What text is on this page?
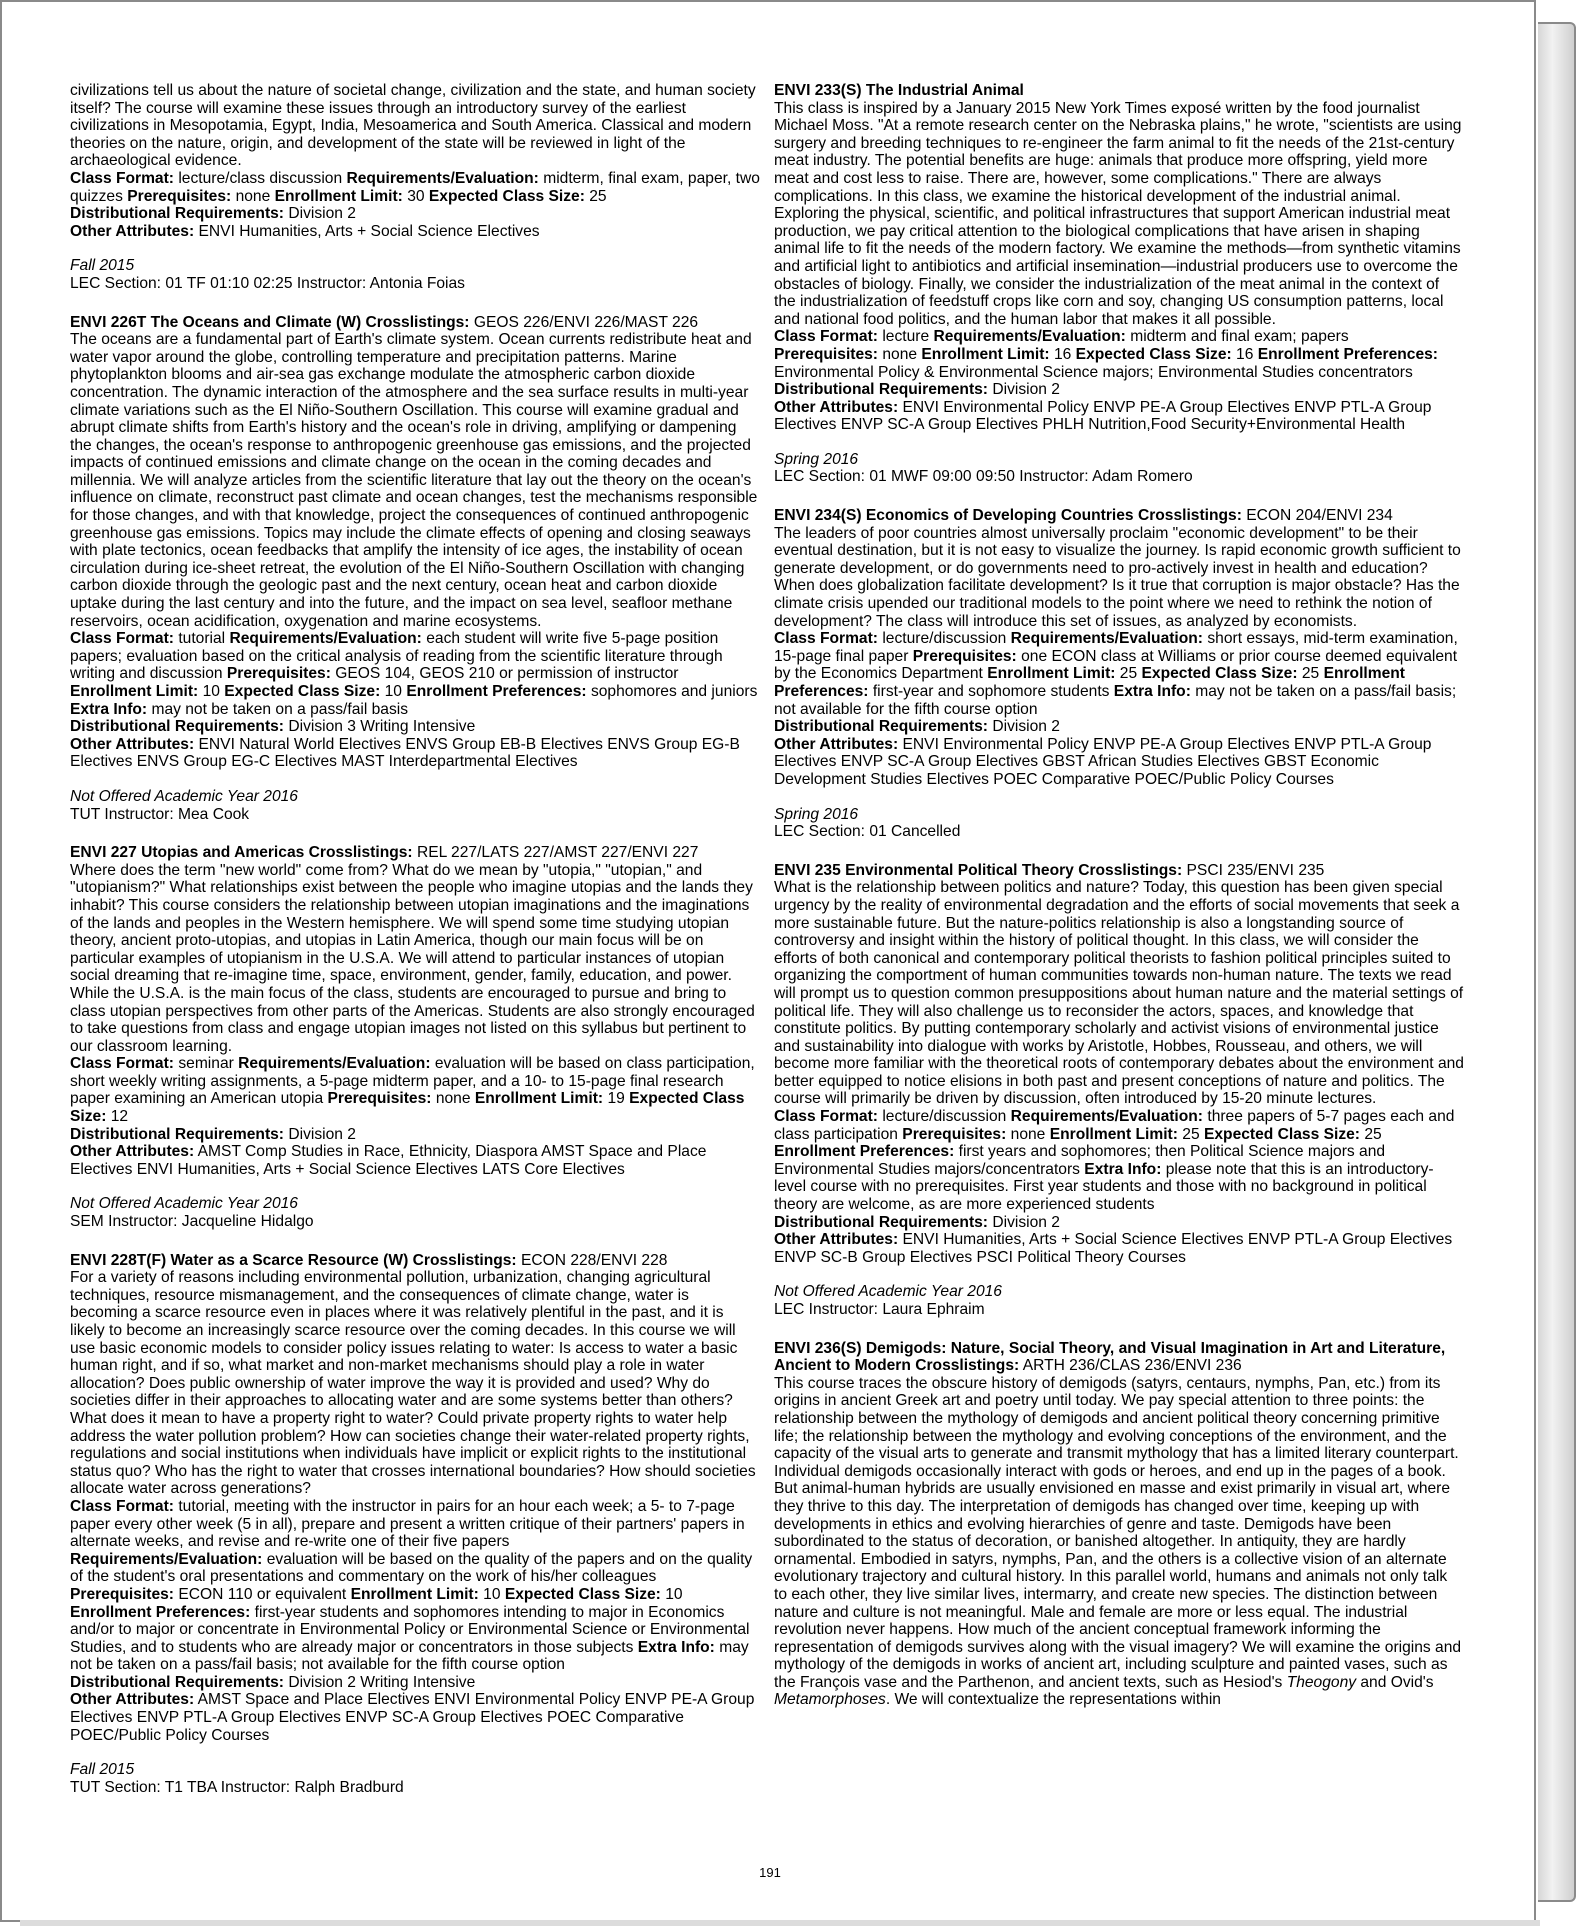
civilizations tell us about the nature of societal change, civilization and the state, and human society itself? The course will examine these issues through an introductory survey of the earliest civilizations in Mesopotamia, Egypt, India, Mesoamerica and South America. Classical and modern theories on the nature, origin, and development of the state will be reviewed in light of the archaeological evidence.

Class Format: lecture/class discussion Requirements/Evaluation: midterm, final exam, paper, two quizzes Prerequisites: none Enrollment Limit: 30 Expected Class Size: 25

Distributional Requirements: Division 2

Other Attributes: ENVI Humanities, Arts + Social Science Electives

Fall 2015

LEC Section: 01 TF 01:10 02:25 Instructor: Antonia Foias

ENVI 226T The Oceans and Climate (W) Crosslistings: GEOS 226/ENVI 226/MAST 226

The oceans are a fundamental part of Earth's climate system. Ocean currents redistribute heat and water vapor around the globe, controlling temperature and precipitation patterns. Marine phytoplankton blooms and air-sea gas exchange modulate the atmospheric carbon dioxide concentration. The dynamic interaction of the atmosphere and the sea surface results in multi-year climate variations such as the El Niño-Southern Oscillation. This course will examine gradual and abrupt climate shifts from Earth's history and the ocean's role in driving, amplifying or dampening the changes, the ocean's response to anthropogenic greenhouse gas emissions, and the projected impacts of continued emissions and climate change on the ocean in the coming decades and millennia. We will analyze articles from the scientific literature that lay out the theory on the ocean's influence on climate, reconstruct past climate and ocean changes, test the mechanisms responsible for those changes, and with that knowledge, project the consequences of continued anthropogenic greenhouse gas emissions. Topics may include the climate effects of opening and closing seaways with plate tectonics, ocean feedbacks that amplify the intensity of ice ages, the instability of ocean circulation during ice-sheet retreat, the evolution of the El Niño-Southern Oscillation with changing carbon dioxide through the geologic past and the next century, ocean heat and carbon dioxide uptake during the last century and into the future, and the impact on sea level, seafloor methane reservoirs, ocean acidification, oxygenation and marine ecosystems.

Class Format: tutorial Requirements/Evaluation: each student will write five 5-page position papers; evaluation based on the critical analysis of reading from the scientific literature through writing and discussion Prerequisites: GEOS 104, GEOS 210 or permission of instructor Enrollment Limit: 10 Expected Class Size: 10 Enrollment Preferences: sophomores and juniors Extra Info: may not be taken on a pass/fail basis

Distributional Requirements: Division 3 Writing Intensive

Other Attributes: ENVI Natural World Electives ENVS Group EB-B Electives ENVS Group EG-B Electives ENVS Group EG-C Electives MAST Interdepartmental Electives

Not Offered Academic Year 2016

TUT Instructor: Mea Cook

ENVI 227 Utopias and Americas Crosslistings: REL 227/LATS 227/AMST 227/ENVI 227

Where does the term "new world" come from? What do we mean by "utopia," "utopian," and "utopianism?" What relationships exist between the people who imagine utopias and the lands they inhabit? This course considers the relationship between utopian imaginations and the imaginations of the lands and peoples in the Western hemisphere. We will spend some time studying utopian theory, ancient proto-utopias, and utopias in Latin America, though our main focus will be on particular examples of utopianism in the U.S.A. We will attend to particular instances of utopian social dreaming that re-imagine time, space, environment, gender, family, education, and power. While the U.S.A. is the main focus of the class, students are encouraged to pursue and bring to class utopian perspectives from other parts of the Americas. Students are also strongly encouraged to take questions from class and engage utopian images not listed on this syllabus but pertinent to our classroom learning.

Class Format: seminar Requirements/Evaluation: evaluation will be based on class participation, short weekly writing assignments, a 5-page midterm paper, and a 10- to 15-page final research paper examining an American utopia Prerequisites: none Enrollment Limit: 19 Expected Class Size: 12

Distributional Requirements: Division 2

Other Attributes: AMST Comp Studies in Race, Ethnicity, Diaspora AMST Space and Place Electives ENVI Humanities, Arts + Social Science Electives LATS Core Electives

Not Offered Academic Year 2016

SEM Instructor: Jacqueline Hidalgo

ENVI 228T(F) Water as a Scarce Resource (W) Crosslistings: ECON 228/ENVI 228

For a variety of reasons including environmental pollution, urbanization, changing agricultural techniques, resource mismanagement, and the consequences of climate change, water is becoming a scarce resource even in places where it was relatively plentiful in the past, and it is likely to become an increasingly scarce resource over the coming decades. In this course we will use basic economic models to consider policy issues relating to water: Is access to water a basic human right, and if so, what market and non-market mechanisms should play a role in water allocation? Does public ownership of water improve the way it is provided and used? Why do societies differ in their approaches to allocating water and are some systems better than others? What does it mean to have a property right to water? Could private property rights to water help address the water pollution problem? How can societies change their water-related property rights, regulations and social institutions when individuals have implicit or explicit rights to the institutional status quo? Who has the right to water that crosses international boundaries? How should societies allocate water across generations?

Class Format: tutorial, meeting with the instructor in pairs for an hour each week; a 5- to 7-page paper every other week (5 in all), prepare and present a written critique of their partners' papers in alternate weeks, and revise and re-write one of their five papers

Requirements/Evaluation: evaluation will be based on the quality of the papers and on the quality of the student's oral presentations and commentary on the work of his/her colleagues Prerequisites: ECON 110 or equivalent Enrollment Limit: 10 Expected Class Size: 10 Enrollment Preferences: first-year students and sophomores intending to major in Economics and/or to major or concentrate in Environmental Policy or Environmental Science or Environmental Studies, and to students who are already major or concentrators in those subjects Extra Info: may not be taken on a pass/fail basis; not available for the fifth course option

Distributional Requirements: Division 2 Writing Intensive

Other Attributes: AMST Space and Place Electives ENVI Environmental Policy ENVP PE-A Group Electives ENVP PTL-A Group Electives ENVP SC-A Group Electives POEC Comparative POEC/Public Policy Courses

Fall 2015

TUT Section: T1 TBA Instructor: Ralph Bradburd

ENVI 233(S) The Industrial Animal

This class is inspired by a January 2015 New York Times exposé written by the food journalist Michael Moss. "At a remote research center on the Nebraska plains," he wrote, "scientists are using surgery and breeding techniques to re-engineer the farm animal to fit the needs of the 21st-century meat industry. The potential benefits are huge: animals that produce more offspring, yield more meat and cost less to raise. There are, however, some complications." There are always complications. In this class, we examine the historical development of the industrial animal. Exploring the physical, scientific, and political infrastructures that support American industrial meat production, we pay critical attention to the biological complications that have arisen in shaping animal life to fit the needs of the modern factory. We examine the methods—from synthetic vitamins and artificial light to antibiotics and artificial insemination—industrial producers use to overcome the obstacles of biology. Finally, we consider the industrialization of the meat animal in the context of the industrialization of feedstuff crops like corn and soy, changing US consumption patterns, local and national food politics, and the human labor that makes it all possible.

Class Format: lecture Requirements/Evaluation: midterm and final exam; papers

Prerequisites: none Enrollment Limit: 16 Expected Class Size: 16 Enrollment Preferences: Environmental Policy & Environmental Science majors; Environmental Studies concentrators

Distributional Requirements: Division 2

Other Attributes: ENVI Environmental Policy ENVP PE-A Group Electives ENVP PTL-A Group Electives ENVP SC-A Group Electives PHLH Nutrition,Food Security+Environmental Health

Spring 2016

LEC Section: 01 MWF 09:00 09:50 Instructor: Adam Romero

ENVI 234(S) Economics of Developing Countries Crosslistings: ECON 204/ENVI 234

The leaders of poor countries almost universally proclaim "economic development" to be their eventual destination, but it is not easy to visualize the journey. Is rapid economic growth sufficient to generate development, or do governments need to pro-actively invest in health and education? When does globalization facilitate development? Is it true that corruption is major obstacle? Has the climate crisis upended our traditional models to the point where we need to rethink the notion of development? The class will introduce this set of issues, as analyzed by economists.

Class Format: lecture/discussion Requirements/Evaluation: short essays, mid-term examination, 15-page final paper Prerequisites: one ECON class at Williams or prior course deemed equivalent by the Economics Department Enrollment Limit: 25 Expected Class Size: 25 Enrollment Preferences: first-year and sophomore students Extra Info: may not be taken on a pass/fail basis; not available for the fifth course option

Distributional Requirements: Division 2

Other Attributes: ENVI Environmental Policy ENVP PE-A Group Electives ENVP PTL-A Group Electives ENVP SC-A Group Electives GBST African Studies Electives GBST Economic Development Studies Electives POEC Comparative POEC/Public Policy Courses

Spring 2016

LEC Section: 01 Cancelled

ENVI 235 Environmental Political Theory Crosslistings: PSCI 235/ENVI 235

What is the relationship between politics and nature? Today, this question has been given special urgency by the reality of environmental degradation and the efforts of social movements that seek a more sustainable future. But the nature-politics relationship is also a longstanding source of controversy and insight within the history of political thought. In this class, we will consider the efforts of both canonical and contemporary political theorists to fashion political principles suited to organizing the comportment of human communities towards non-human nature. The texts we read will prompt us to question common presuppositions about human nature and the material settings of political life. They will also challenge us to reconsider the actors, spaces, and knowledge that constitute politics. By putting contemporary scholarly and activist visions of environmental justice and sustainability into dialogue with works by Aristotle, Hobbes, Rousseau, and others, we will become more familiar with the theoretical roots of contemporary debates about the environment and better equipped to notice elisions in both past and present conceptions of nature and politics. The course will primarily be driven by discussion, often introduced by 15-20 minute lectures.

Class Format: lecture/discussion Requirements/Evaluation: three papers of 5-7 pages each and class participation Prerequisites: none Enrollment Limit: 25 Expected Class Size: 25 Enrollment Preferences: first years and sophomores; then Political Science majors and Environmental Studies majors/concentrators Extra Info: please note that this is an introductory-level course with no prerequisites. First year students and those with no background in political theory are welcome, as are more experienced students

Distributional Requirements: Division 2

Other Attributes: ENVI Humanities, Arts + Social Science Electives ENVP PTL-A Group Electives ENVP SC-B Group Electives PSCI Political Theory Courses

Not Offered Academic Year 2016

LEC Instructor: Laura Ephraim

ENVI 236(S) Demigods: Nature, Social Theory, and Visual Imagination in Art and Literature, Ancient to Modern Crosslistings: ARTH 236/CLAS 236/ENVI 236

This course traces the obscure history of demigods (satyrs, centaurs, nymphs, Pan, etc.) from its origins in ancient Greek art and poetry until today. We pay special attention to three points: the relationship between the mythology of demigods and ancient political theory concerning primitive life; the relationship between the mythology and evolving conceptions of the environment, and the capacity of the visual arts to generate and transmit mythology that has a limited literary counterpart.

Individual demigods occasionally interact with gods or heroes, and end up in the pages of a book. But animal-human hybrids are usually envisioned en masse and exist primarily in visual art, where they thrive to this day. The interpretation of demigods has changed over time, keeping up with developments in ethics and evolving hierarchies of genre and taste. Demigods have been subordinated to the status of decoration, or banished altogether. In antiquity, they are hardly ornamental. Embodied in satyrs, nymphs, Pan, and the others is a collective vision of an alternate evolutionary trajectory and cultural history. In this parallel world, humans and animals not only talk to each other, they live similar lives, intermarry, and create new species. The distinction between nature and culture is not meaningful. Male and female are more or less equal. The industrial revolution never happens. How much of the ancient conceptual framework informing the representation of demigods survives along with the visual imagery? We will examine the origins and mythology of the demigods in works of ancient art, including sculpture and painted vases, such as the François vase and the Parthenon, and ancient texts, such as Hesiod's Theogony and Ovid's Metamorphoses. We will contextualize the representations within

191
